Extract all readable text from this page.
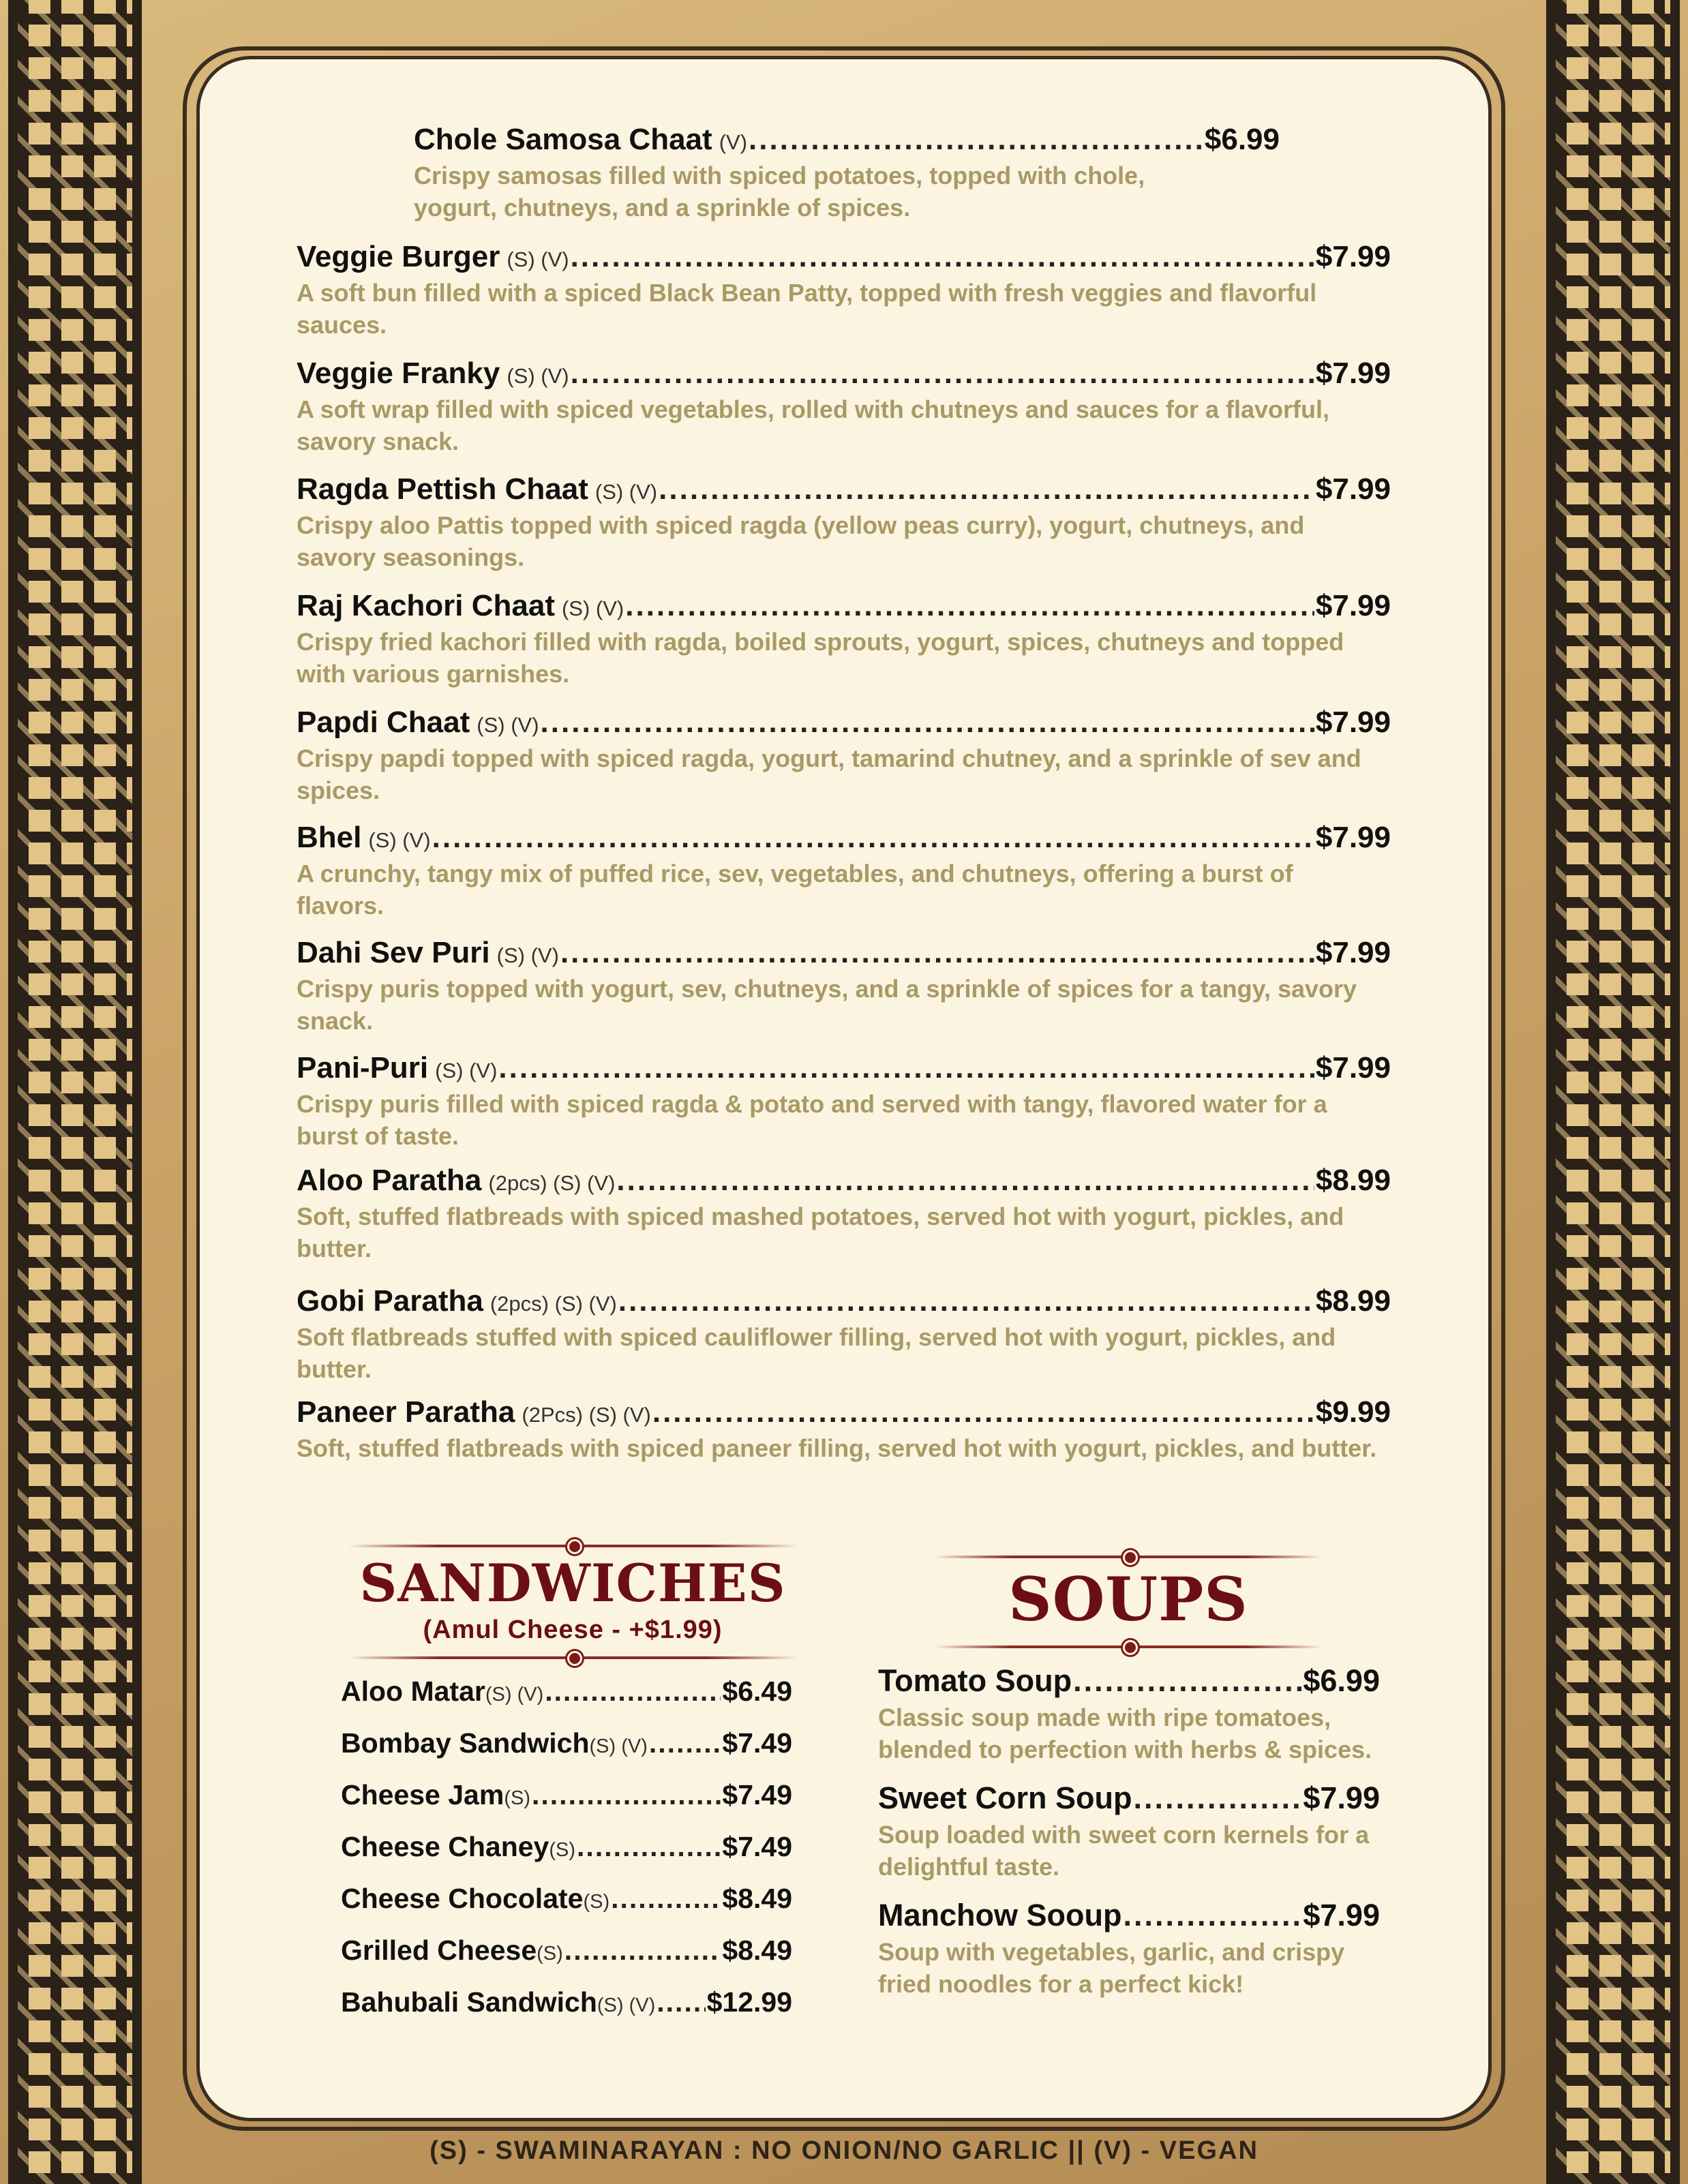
Chole Samosa Chaat (V) .....	$6.99
Crispy samosas filled with spiced potatoes, topped with chole, yogurt, chutneys, and a sprinkle of spices.
Veggie Burger (S) (V) .....	$7.99
A soft bun filled with a spiced Black Bean Patty, topped with fresh veggies and flavorful sauces.
Veggie Franky (S) (V) .....	$7.99
A soft wrap filled with spiced vegetables, rolled with chutneys and sauces for a flavorful, savory snack.
Ragda Pettish Chaat (S) (V) .....	$7.99
Crispy aloo Pattis topped with spiced ragda (yellow peas curry), yogurt, chutneys, and savory seasonings.
Raj Kachori Chaat (S) (V) .....	$7.99
Crispy fried kachori filled with ragda, boiled sprouts, yogurt, spices, chutneys and topped with various garnishes.
Papdi Chaat (S) (V) .....	$7.99
Crispy papdi topped with spiced ragda, yogurt, tamarind chutney, and a sprinkle of sev and spices.
Bhel (S) (V) .....	$7.99
A crunchy, tangy mix of puffed rice, sev, vegetables, and chutneys, offering a burst of flavors.
Dahi Sev Puri (S) (V) .....	$7.99
Crispy puris topped with yogurt, sev, chutneys, and a sprinkle of spices for a tangy, savory snack.
Pani-Puri (S) (V) .....	$7.99
Crispy puris filled with spiced ragda & potato and served with tangy, flavored water for a burst of taste.
Aloo Paratha (2pcs) (S) (V) .....	$8.99
Soft, stuffed flatbreads with spiced mashed potatoes, served hot with yogurt, pickles, and butter.
Gobi Paratha (2pcs) (S) (V) .....	$8.99
Soft flatbreads stuffed with spiced cauliflower filling, served hot with yogurt, pickles, and butter.
Paneer Paratha (2Pcs) (S) (V) .....	$9.99
Soft, stuffed flatbreads with spiced paneer filling, served hot with yogurt, pickles, and butter.
SANDWICHES
(Amul Cheese - +$1.99)
Aloo Matar (S) (V) .....	$6.49
Bombay Sandwich (S) (V) .....	$7.49
Cheese Jam (S) .....	$7.49
Cheese Chaney (S) .....	$7.49
Cheese Chocolate (S) .....	$8.49
Grilled Cheese (S) .....	$8.49
Bahubali Sandwich (S) (V) ..... $12.99
SOUPS
Tomato Soup .....	$6.99
Classic soup made with ripe tomatoes, blended to perfection with herbs & spices.
Sweet Corn Soup .....	$7.99
Soup loaded with sweet corn kernels for a delightful taste.
Manchow Sooup .....	$7.99
Soup with vegetables, garlic, and crispy fried noodles for a perfect kick!
(S) - SWAMINARAYAN : NO ONION/NO GARLIC || (V) - VEGAN
